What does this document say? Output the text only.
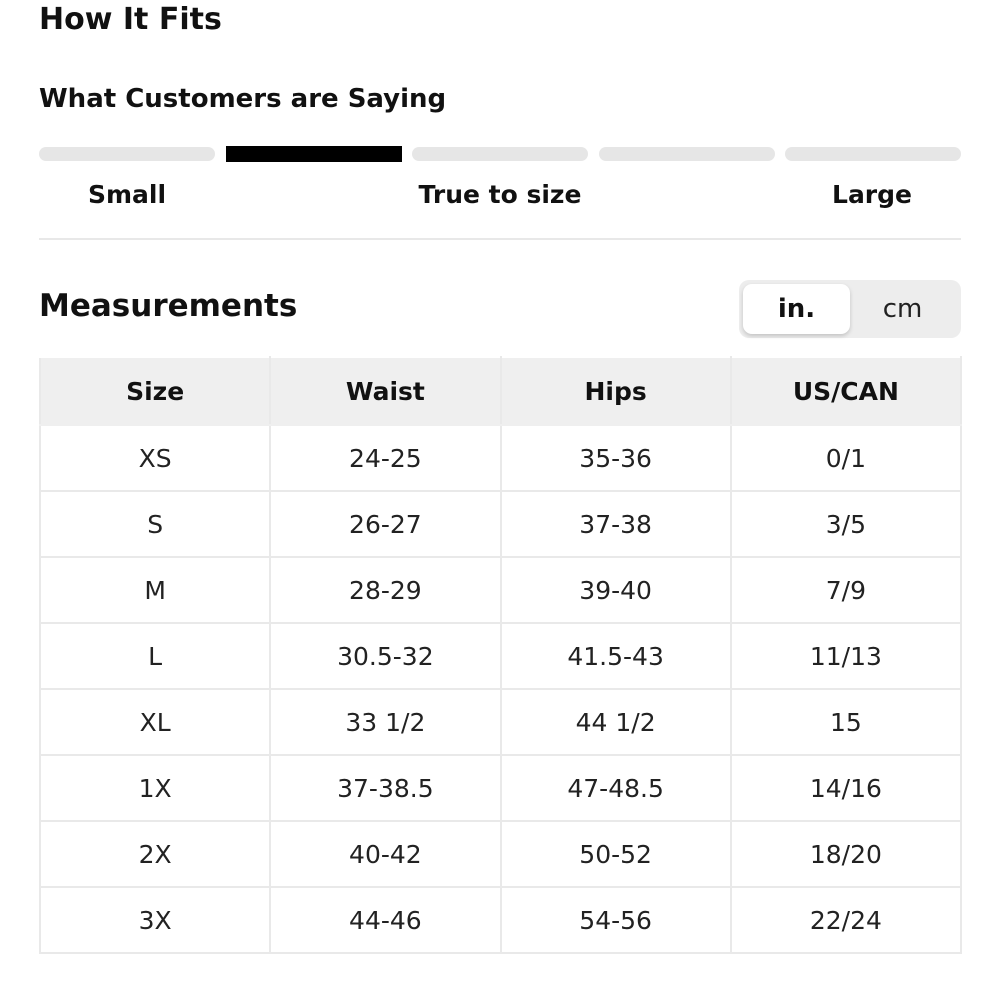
How It Fits
What Customers are Saying
Small	True to size	Large
Measurements	in.	cm
Size	Waist	Hips	US/CAN
XS	24-25	35-36	0/1
S	26-27	37-38	3/5
M	28-29	39-40	7/9
L	30.5-32	41.5-43	11/13
XL	33 1/2	44 1/2	15
1X	37-38.5	47-48.5	14/16
2X	40-42	50-52	18/20
3X	44-46	54-56	22/24
